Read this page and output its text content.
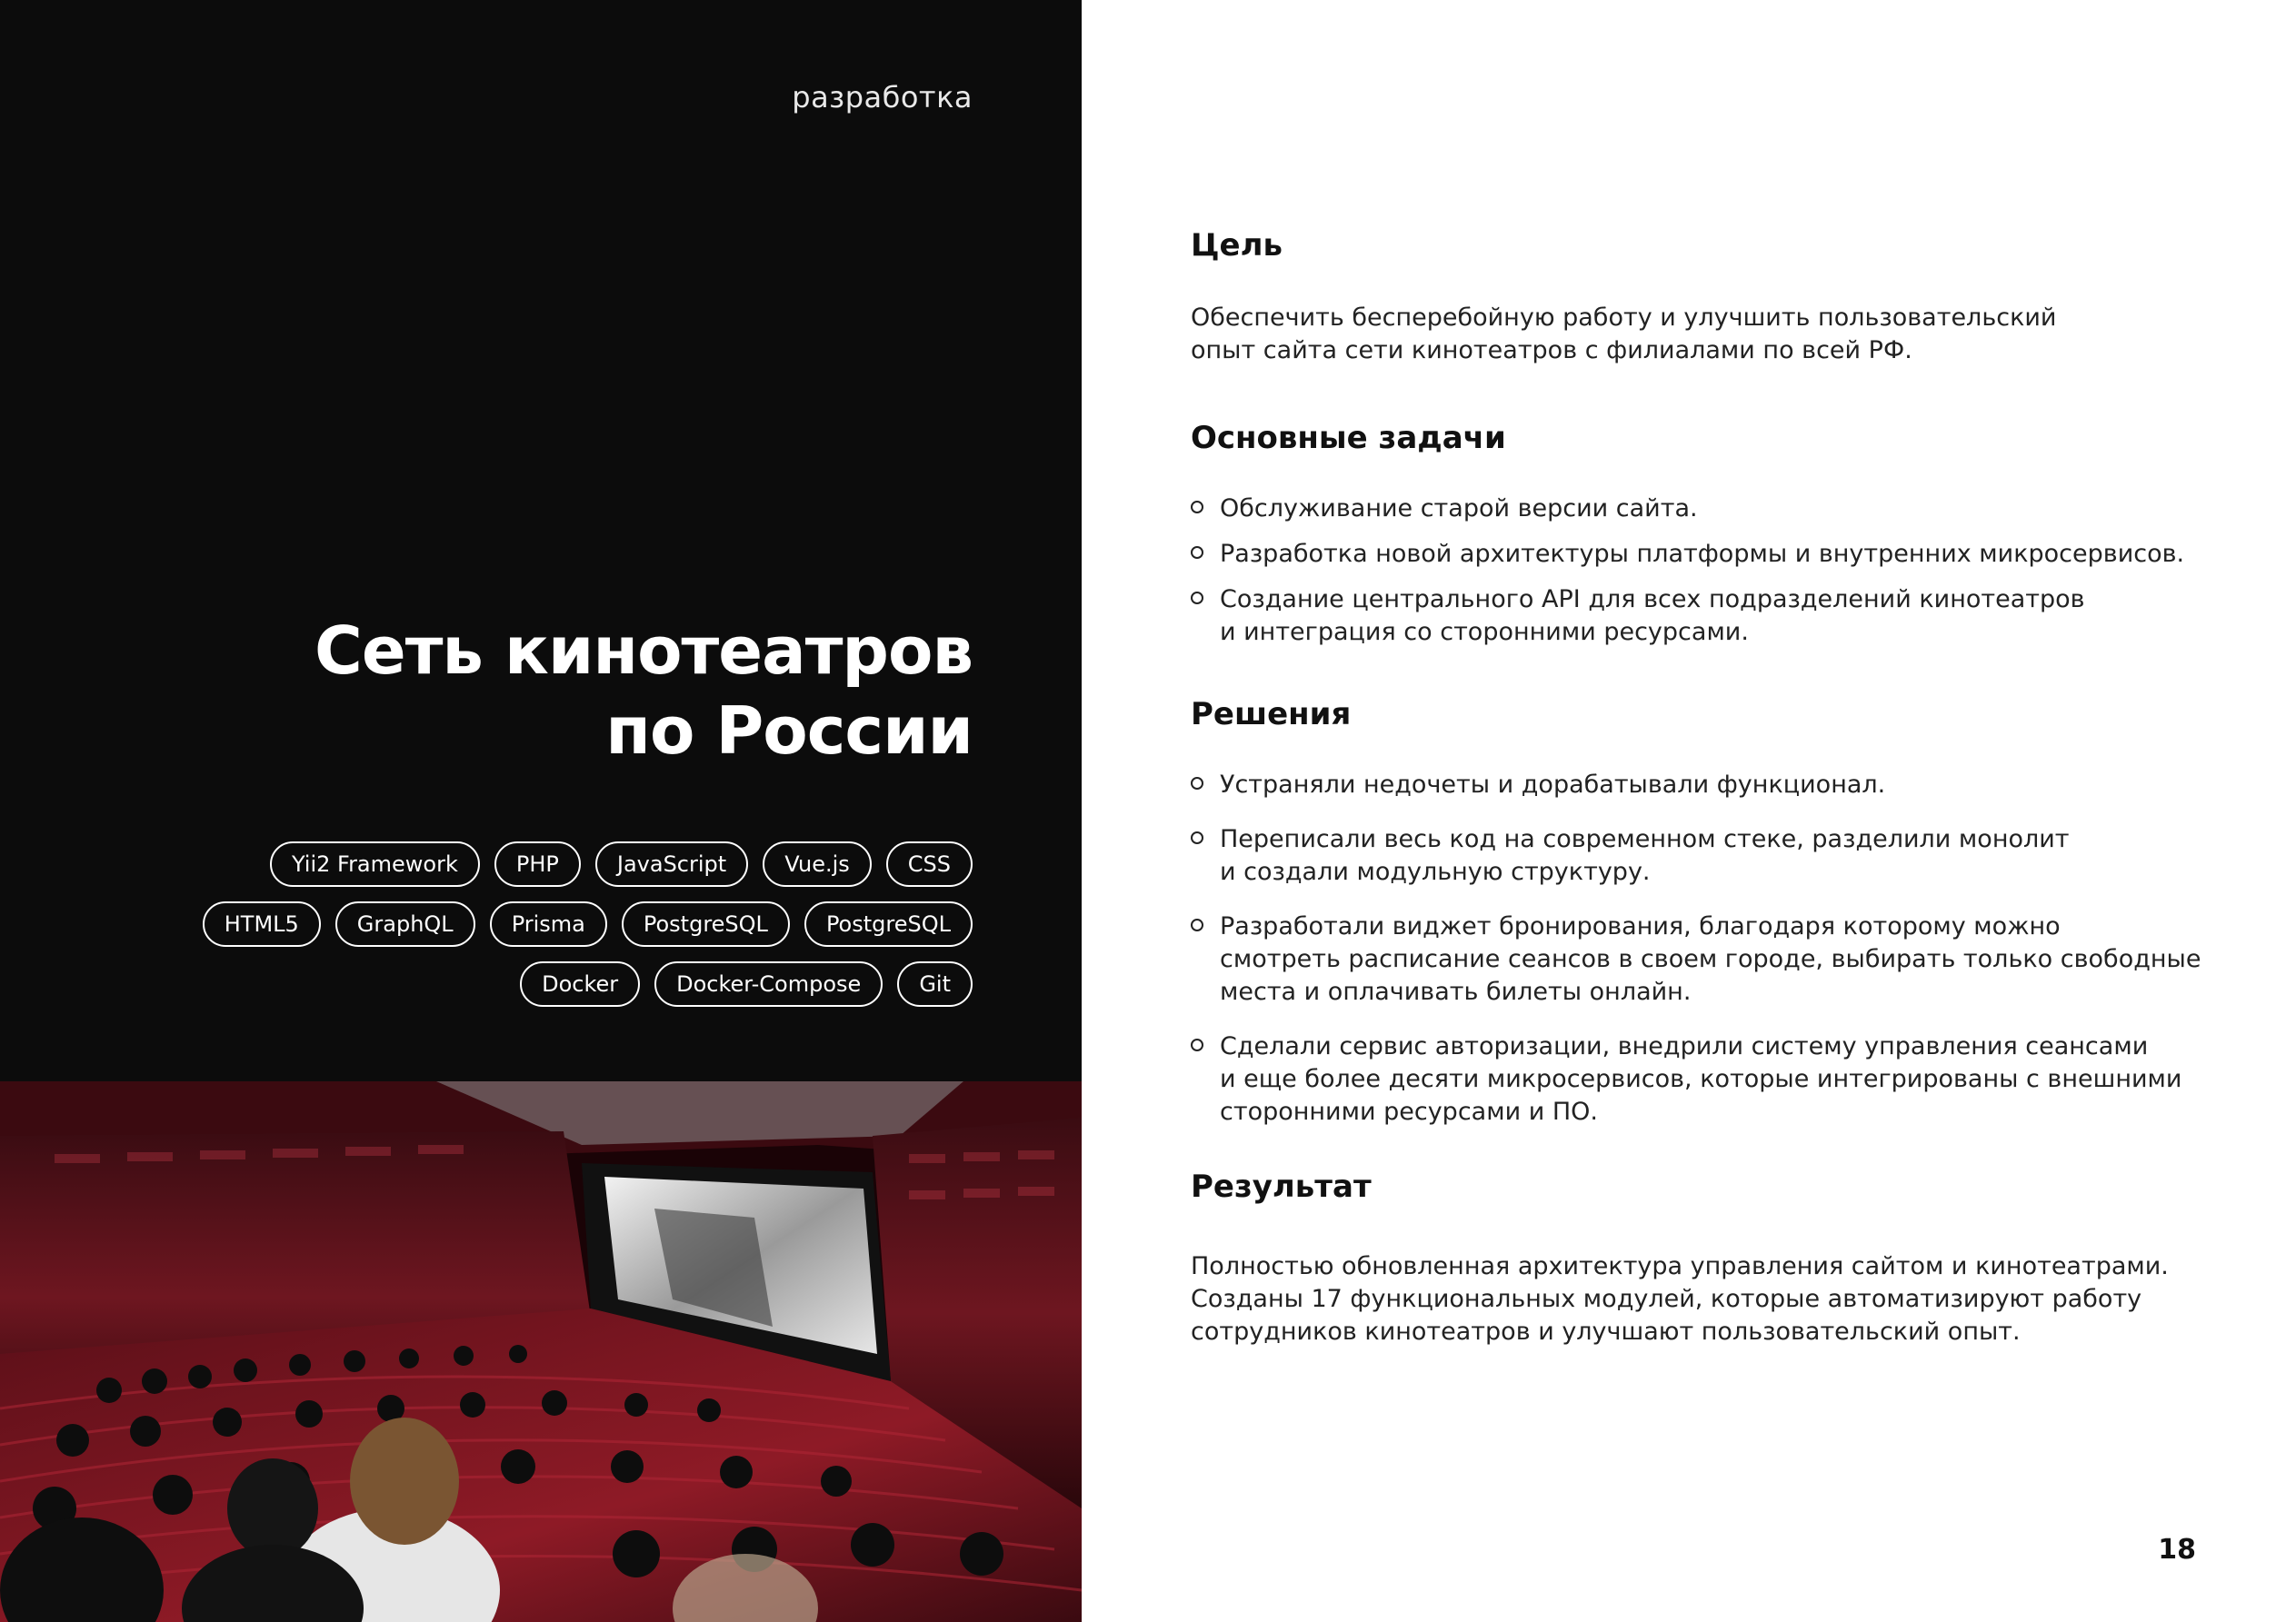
разработка
Сеть кинотеатров
по России
Yii2 Framework	PHP	JavaScript	Vue.js	CSS
HTML5	GraphQL	Prisma	PostgreSQL	PostgreSQL
Docker	Docker-Compose	Git
Цель

Обеспечить бесперебойную работу и улучшить пользовательский
опыт сайта сети кинотеатров с филиалами по всей РФ.

Основные задачи
Обслуживание старой версии сайта.
Разработка новой архитектуры платформы и внутренних микросервисов.
Создание центрального API для всех подразделений кинотеатров
и интеграция со сторонними ресурсами.
Решения
Устраняли недочеты и дорабатывали функционал.
Переписали весь код на современном стеке, разделили монолит
и создали модульную структуру.
Разработали виджет бронирования, благодаря которому можно
смотреть расписание сеансов в своем городе, выбирать только свободные
места и оплачивать билеты онлайн.
Сделали сервис авторизации, внедрили систему управления сеансами
и еще более десяти микросервисов, которые интегрированы с внешними
сторонними ресурсами и ПО.
Результат

Полностью обновленная архитектура управления сайтом и кинотеатрами.
Созданы 17 функциональных модулей, которые автоматизируют работу
сотрудников кинотеатров и улучшают пользовательский опыт.

18
